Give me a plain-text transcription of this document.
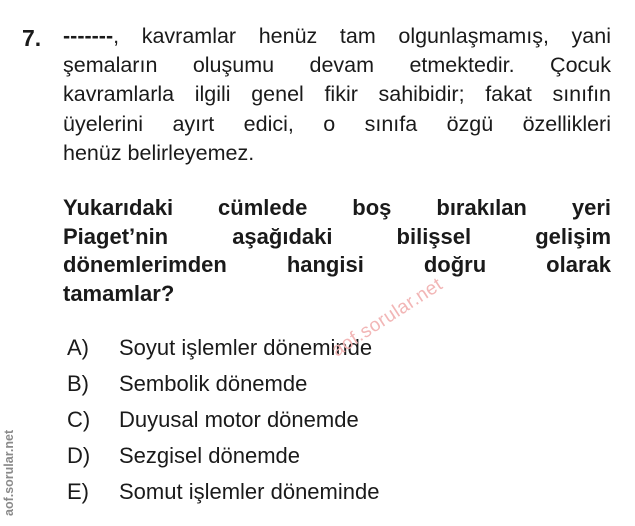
7. -------, kavramlar henüz tam olgunlaşmamış, yani
şemaların oluşumu devam etmektedir. Çocuk
kavramlarla ilgili genel fikir sahibidir; fakat sınıfın
üyelerini ayırt edici, o sınıfa özgü özellikleri
henüz belirleyemez.
Yukarıdaki cümlede boş bırakılan yeri
Piaget’nin aşağıdaki bilişsel gelişim
dönemlerimden hangisi doğru olarak
tamamlar?
A)	Soyut işlemler döneminde
B)	Sembolik dönemde
C)	Duyusal motor dönemde
D)	Sezgisel dönemde
E)	Somut işlemler döneminde
aof.sorular.net
aof.sorular.net
